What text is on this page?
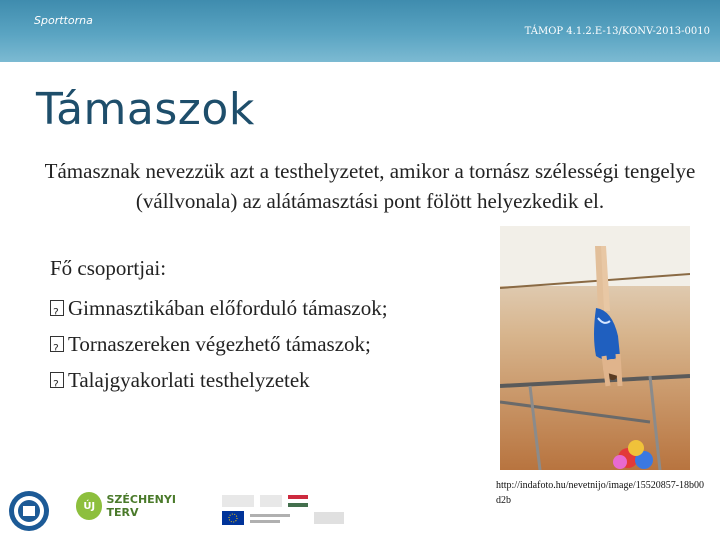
Sporttorna
TÁMOP 4.1.2.E-13/KONV-2013-0010
Támaszok
Támasznak nevezzük azt a testhelyzetet, amikor a tornász szélességi tengelye (vállvonala) az alátámasztási pont fölött helyezkedik el.
Fő csoportjai:
?
Gimnasztikában előforduló támaszok;
?
Tornaszereken végezhető támaszok;
?
Talajgyakorlati testhelyzetek
http://indafoto.hu/nevetnijo/image/15520857-18b00d2b
ÚJ	SZÉCHENYI TERV
